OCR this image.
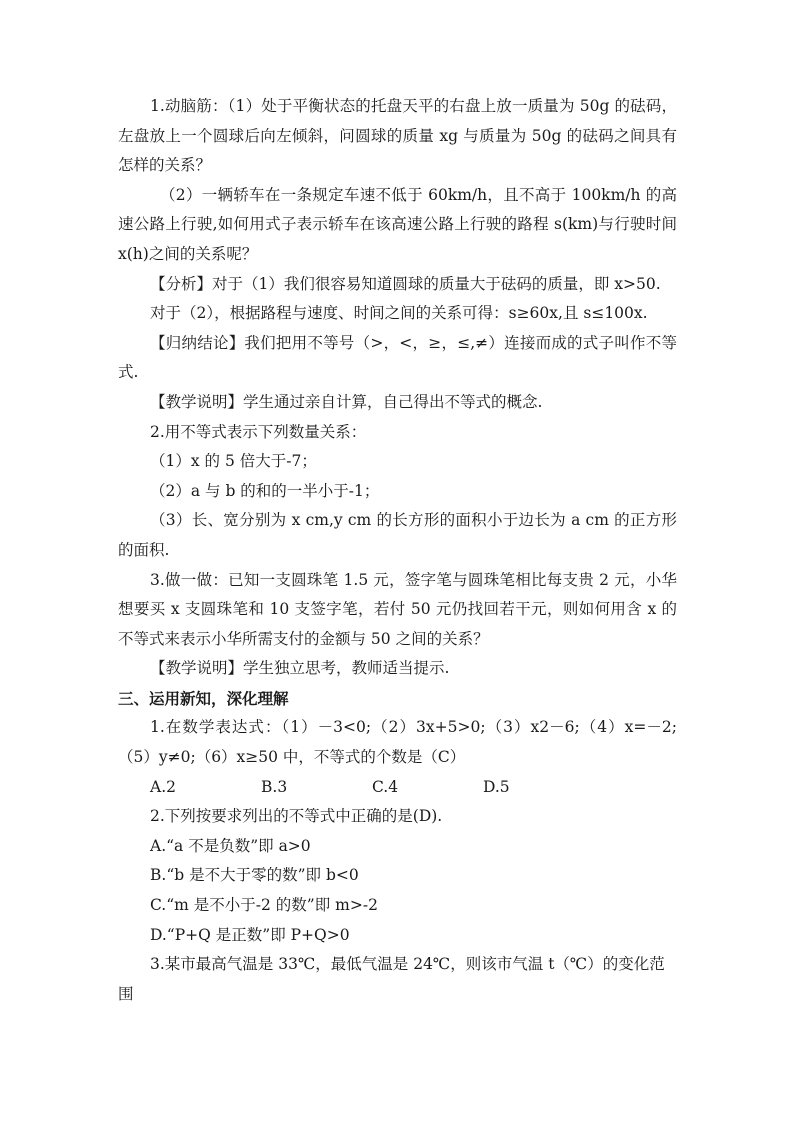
1.动脑筋：（1）处于平衡状态的托盘天平的右盘上放一质量为 50g 的砝码，左盘放上一个圆球后向左倾斜，问圆球的质量 xg 与质量为 50g 的砝码之间具有怎样的关系？

（2）一辆轿车在一条规定车速不低于 60km/h，且不高于 100km/h 的高速公路上行驶,如何用式子表示轿车在该高速公路上行驶的路程 s(km)与行驶时间 x(h)之间的关系呢？

【分析】对于（1）我们很容易知道圆球的质量大于砝码的质量，即 x>50.

对于（2），根据路程与速度、时间之间的关系可得：s≥60x,且 s≤100x.

【归纳结论】我们把用不等号（>，<，≥，≤,≠）连接而成的式子叫作不等式.

【教学说明】学生通过亲自计算，自己得出不等式的概念.

2.用不等式表示下列数量关系：

（1）x 的 5 倍大于-7；

（2）a 与 b 的和的一半小于-1；

（3）长、宽分别为 x cm,y cm 的长方形的面积小于边长为 a cm 的正方形的面积.

3.做一做：已知一支圆珠笔 1.5 元，签字笔与圆珠笔相比每支贵 2 元，小华想要买 x 支圆珠笔和 10 支签字笔，若付 50 元仍找回若干元，则如何用含 x 的不等式来表示小华所需支付的金额与 50 之间的关系？

【教学说明】学生独立思考，教师适当提示.

三、运用新知，深化理解

1.在数学表达式：（1）－3<0;（2）3x+5>0;（3）x2－6;（4）x=－2;（5）y≠0;（6）x≥50 中，不等式的个数是（C）

A.2	B.3	C.4	D.5

2.下列按要求列出的不等式中正确的是(D).

A.“a 不是负数”即 a>0

B.“b 是不大于零的数”即 b<0

C.“m 是不小于-2 的数”即 m>-2

D.“P+Q 是正数”即 P+Q>0

3.某市最高气温是 33℃，最低气温是 24℃，则该市气温 t（℃）的变化范围
